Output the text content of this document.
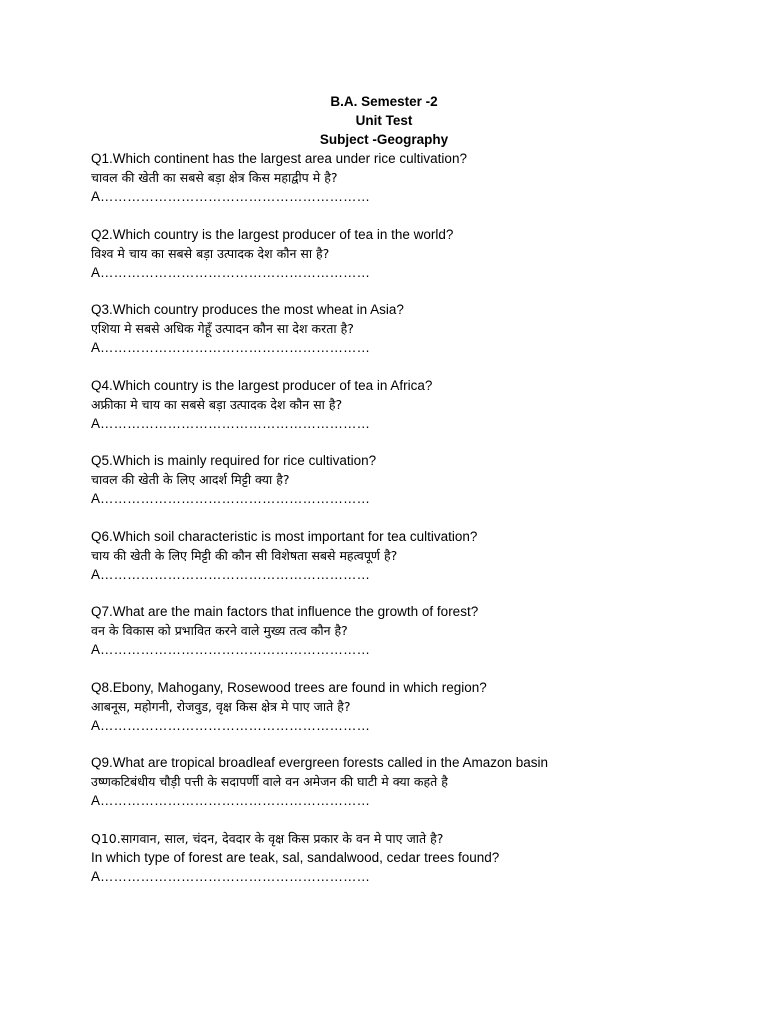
B.A. Semester -2
Unit Test
Subject -Geography
Q1.Which continent has the largest area under rice cultivation?
चावल की खेती का सबसे बड़ा क्षेत्र किस महाद्वीप मे है?
A……………………………………………………
Q2.Which country is the largest producer of tea in the world?
विश्व मे चाय का सबसे बड़ा उत्पादक देश कौन सा है?
A……………………………………………………
Q3.Which country produces the most wheat in Asia?
एशिया मे सबसे अधिक गेहूँ उत्पादन कौन सा देश करता है?
A……………………………………………………
Q4.Which country is the largest producer of tea in Africa?
अफ्रीका मे चाय का सबसे बड़ा उत्पादक देश कौन सा है?
A……………………………………………………
Q5.Which is mainly required for rice cultivation?
चावल की खेती के लिए आदर्श मिट्टी क्या है?
A……………………………………………………
Q6.Which soil characteristic is most important for tea cultivation?
चाय की खेती के लिए मिट्टी की कौन सी विशेषता सबसे महत्वपूर्ण है?
A……………………………………………………
Q7.What are the main factors that influence the growth of forest?
वन के विकास को प्रभावित करने वाले मुख्य तत्व कौन है?
A……………………………………………………
Q8.Ebony, Mahogany, Rosewood trees are found in which region?
आबनूस, महोगनी, रोजवुड, वृक्ष किस क्षेत्र मे पाए जाते है?
A……………………………………………………
Q9.What are tropical broadleaf evergreen forests called in the Amazon basin
उष्णकटिबंधीय चौड़ी पत्ती के सदापर्णी वाले वन अमेजन की घाटी मे क्या कहते है
A……………………………………………………
Q10.सागवान, साल, चंदन, देवदार के वृक्ष किस प्रकार के वन मे पाए जाते है?
In which type of forest are teak, sal, sandalwood, cedar trees found?
A……………………………………………………
